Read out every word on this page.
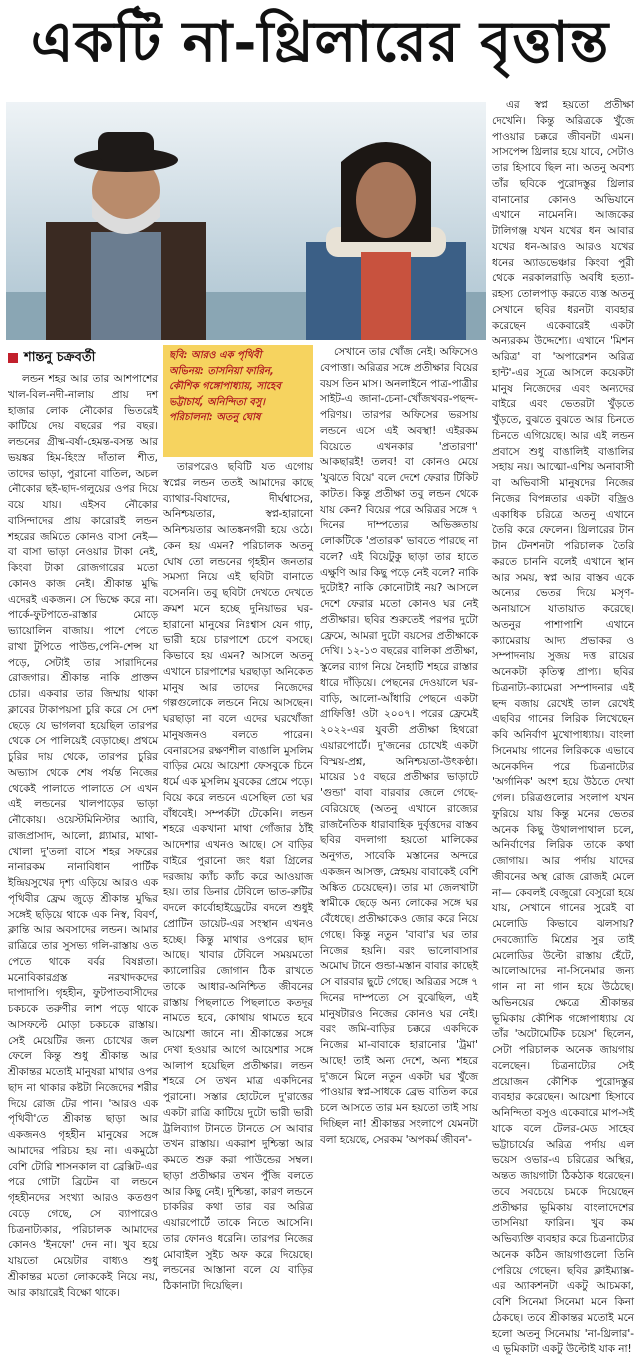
একটি না-থ্রিলারের বৃত্তান্ত
শান্তনু চক্রবর্তী	ছবি: আরও এক পৃথিবী
অভিনয়: তাসনিয়া ফারিন,
কৌশিক গঙ্গোপাধ্যায়, সাহেব
ভট্টাচার্য, অনিন্দিতা বসু।
পরিচালনা: অতনু ঘোষ

লন্ডন শহর আর তার আশপাশের খাল-বিল-নদী-নালায় প্রায় দশ হাজার লোক নৌকোর ভিতরেই কাটিয়ে দেয় বছরের পর বছর। লন্ডনের গ্রীষ্ম-বর্ষা-হেমন্ত-বসন্ত আর ভয়ঙ্কর হিম-হিংস্র দাঁতাল শীত, তাদের ভাড়া, পুরানো বাতিল, অচল নৌকোর ছই-ছাদ-গলুয়ের ওপর দিয়ে বয়ে যায়। এইসব নৌকোর বাসিন্দাদের প্রায় কারোরই লন্ডন শহরের জমিতে কোনও বাসা নেই— বা বাসা ভাড়া নেওয়ার টাকা নেই, কিংবা টাকা রোজগারের মতো কোনও কাজ নেই। শ্রীকান্ত মুদ্ধি এদেরই একজন। সে ভিক্ষে করে না। পার্কে-ফুটপাতে-রাস্তার মোড়ে ভ্যায়োলিন বাজায়। পাশে পেতে রাখা টুপিতে পাউন্ড,পেনি-শেন্স যা পড়ে, সেটাই তার সারাদিনের রোজগার। শ্রীকান্ত নাকি প্রাক্তন চোর। একবার তার জিম্মায় থাকা ক্লাবের টাকাপয়সা চুরি করে সে দেশ ছেড়ে যে ভাগলবা হয়েছিল তারপর থেকে সে পালিয়েই বেড়াচ্ছে। প্রথমে চুরির দায় থেকে, তারপর চুরির অভ্যাস থেকে শেষ পর্যন্ত নিজের থেকেই পালাতে পালাতে সে এখন এই লন্ডনের খালপাড়ের ভাড়া নৌকোয়। ওয়েস্টমিনিস্টার অ্যাবি, রাজপ্রাসাদ, আলো, গ্ল্যামার, মাথা-খোলা দু'তলা বাসে শহর সফরের নানারকম নানাবিধান পার্টিক ইন্দ্রিয়সুখের দৃশ্য এড়িয়ে আরও এক পৃথিবীর ফ্রেম জুড়ে শ্রীকান্ত মুদ্ধির সঙ্গেই ছড়িয়ে থাকে এক নিস্ব, বিবর্ণ, ক্লান্তি আর অবসাদের লন্ডন। আমার রাত্রিরে তার সুসভ্য গলি-রাস্তায় ওত পেতে থাকে বর্বর বিষণ্ণতা। মনোবিকারগ্রস্ত নরখাদকদের দাপাদাপি। গৃহহীন, ফুটপাতবাসীদের চকচকে তরুণীর লাশ পড়ে থাকে আসফল্টে মোড়া চকচকে রাস্তায়। সেই মেয়েটির জন্য চোখের জল ফেলে কিন্তু শুধু শ্রীকান্ত আর শ্রীকান্তর মতোই মানুষরা মাথার ওপর ছাদ না থাকার কষ্টটা নিজেদের শরীর দিয়ে রোজ টের পান। 'আরও এক পৃথিবী'তে শ্রীকান্ত ছাড়া আর একজনও গৃহহীন মানুষের সঙ্গে আমাদের পরিচয় হয় না। একমুঠো বেশি টোরি শাসনকাল বা ব্রেক্সিট-এর পরে গোটা ব্রিটেন বা লন্ডনে গৃহহীনদের সংখ্যা আরও কতগুণ বেড়ে গেছে, সে ব্যাপারেও চিত্রনাট্যকার, পরিচালক আমাদের কোনও 'ইনফো' দেন না। খুব হয়ে যায়তো মেয়েটার বাধ্যও শুধু শ্রীকান্তর মতো লোককেই নিয়ে নয়, আর কায়ারেই বিক্ষো থাকে।

তারপরেও ছবিটি যত এগোয় স্বপ্নের লন্ডন ততই আমাদের কাছে ব্যাথার-বিষাদের, দীর্ঘশ্বাসের, অনিশ্চয়তার, স্বপ্ন-হারানো অনিশ্চয়তার আতঙ্কনগরী হয়ে ওঠে। কেন হয় এমন? পরিচালক অতনু ঘোষ তো লন্ডনের গৃহহীন জনতার সমস্যা নিয়ে এই ছবিটা বানাতে বসেননি। তবু ছবিটা দেখতে দেখতে ক্রমশ মনে হচ্ছে দুনিয়াভর ঘর-হারানো মানুষের নিঃশ্বাস যেন গাঢ়, ভারী হয়ে চারপাশে চেপে বসছে। কিভাবে হয় এমন? আসলে অতনু এখানে চারপাশের ঘরছাড়া অনিকেত মানুষ আর তাদের নিজেদের গল্পগুলোকে লন্ডনে নিয়ে আসছেন। ঘরছাড়া না বলে এদের ঘরখোঁজা মানুষজনও বলতে পারেন। বেনারসের রক্ষণশীল বাঙালি মুসলিম বাড়ির মেয়ে আয়েশা ফেসবুকে চিনে ধর্মে এক মুসলিম যুবকের প্রেমে পড়ে। বিয়ে করে লন্ডনে এসেছিল তো ঘর বাঁধবেই। সম্পর্কটা টেকেনি। লন্ডন শহরে একখানা মাথা গোঁজার ঠাঁই আদেশার এখনও আছে। সে বাড়ির বাইরে পুরানো জং ধরা গ্রিলের দরজায় ক্যাঁচ ক্যাঁচ করে আওয়াজ হয়। তার ডিনার টেবিলে ভাত-রুটির বদলে কার্বোহাইড্রেটের বদলে শুধুই প্রোটিন ডায়েট-এর সংস্থান এখনও হচ্ছে। কিন্তু মাথার ওপরের ছাদ আছে। খাবার টেবিলে সময়মতো ক্যালোরির জোগান ঠিক রাখতে তাকে আধার-অনিশ্চিত জীবনের রাস্তায় পিছলাতে পিছলাতে কতদূর নামতে হবে, কোথায় থামতে হবে আয়েশা জানে না। শ্রীকান্তের সঙ্গে দেখা হওয়ার আগে আয়েশার সঙ্গে আলাপ হয়েছিল প্রতীক্ষার। লন্ডন শহরে সে তখন মাত্র একদিনের পুরানো। সস্তার হোটেলে দু'রাত্তের একটা রাত্রি কাটিয়ে দুটো ভারী ভারী ট্রলিব্যাগ টানতে টানতে সে আবার তখন রাস্তায়। একরাশ দুশ্চিন্তা আর কমতে শুরু করা পাউন্ডের সম্বল। ছাড়া প্রতীক্ষার তখন পুঁজি বলতে আর কিছু নেই। দুশ্চিন্তা, কারণ লন্ডনে চাকরির কথা তার বর অরিত্র এয়ারপোর্টে তাকে নিতে আসেনি। তার ফোনও ধরেনি। তারপর নিজের মোবাইল সুইচ অফ করে দিয়েছে। লন্ডনের আস্তানা বলে যে বাড়ির ঠিকানাটা দিয়েছিল।

সেখানে তার খোঁজ নেই। অফিসেও বেপাত্তা। অরিত্রর সঙ্গে প্রতীক্ষার বিয়ের বয়স তিন মাস। অনলাইনে পাত্র-পাত্রীর সাইট-এ জানা-চেনা-খোঁজখবর-পছন্দ-পরিণয়। তারপর অফিসের ভরসায় লন্ডনে এসে এই অবস্থা! এইরকম বিয়েতে এখনকার 'প্রতারণা' আকছারই! তলব! বা কোনও মেয়ে 'যুঝতে বিয়ে' বলে দেশে ফেরার টিকিট কাটত। কিন্তু প্রতীক্ষা তবু লন্ডন থেকে যায় কেন? বিয়ের পরে অরিত্রর সঙ্গে ৭ দিনের দাম্পত্যের অভিজ্ঞতায় লোকটিকে 'প্রতারক' ভাবতে পারছে না বলে? এই বিয়েটুকু ছাড়া তার হাতে এক্ষুণি আর কিছু পড়ে নেই বলে? নাকি দুটোই? নাকি কোনোটাই নয়? আসলে দেশে ফেরার মতো কোনও ঘর নেই প্রতীক্ষার। ছবির শুরুতেই পরপর দুটো ফ্রেমে, আমরা দুটো বয়সের প্রতীক্ষাকে দেখি। ১২-১৩ বছরের বালিকা প্রতীক্ষা, স্কুলের ব্যাগ নিয়ে নৈহাটি শহরে রাস্তার ধারে দাঁড়িয়ে। পেছনের দেওয়ালে ঘর-বাড়ি, আলো-আঁধারি পেছনে একটা গ্রাফিত্তি! ওটা ২০০৭। পরের ফ্রেমেই ২০২২-এর যুবতী প্রতীক্ষা হিথরো এয়ারপোর্টে। দু'জনের চোখেই একটা বিস্ময়-প্রশ্ন, অনিশ্চয়তা-উৎকণ্ঠা। মায়ের ১৫ বছরে প্রতীক্ষার ভাড়াটে 'গুন্ডা' বাবা বারবার জেলে গেছে-বেরিয়েছে (অতনু এখানে রাজ্যের রাজনৈতিক ধারাবাহিক দুর্বৃত্তদের বাস্তব ছবির বদলাগা হয়তো মালিকের অনুগত, সাবেকি মস্তানের অন্দরে একজন আসক্ত, স্নেহময় বাবাকেই বেশি অঙ্কিত চেয়েছেন)। তার মা জেলখাটা স্বামীকে ছেড়ে অন্য লোকের সঙ্গে ঘর বেঁধেছে। প্রতীক্ষাকেও জোর করে নিয়ে গেছে। কিন্তু নতুন 'বাবা'র ঘর তার নিজের হয়নি। বরং ভালোবাসার অমোঘ টানে গুন্ডা-মস্তান বাবার কাছেই সে বারবার ছুটে গেছে। অরিত্রর সঙ্গে ৭ দিনের দাম্পত্যে সে বুঝেছিল, এই মানুষটারও নিজের কোনও ঘর নেই। বরং জমি-বাড়ির চক্করে একদিকে নিজের মা-বাবাকে হারানোর 'ট্রমা' আছে! তাই অন্য দেশে, অন্য শহরে দু'জনে মিলে নতুন একটা ঘর খুঁজে পাওয়ার স্বপ্ন-সাধকে ব্রেভ বাতিল করে চলে আসতে তার মন হয়তো তাই সায় দিচ্ছিল না! শ্রীকান্তর সংলাপে যেমনটা বলা হয়েছে, সেরকম 'অপকর্ম জীবন'-

এর স্বপ্ন হয়তো প্রতীক্ষা দেখেনি। কিন্তু অরিত্রকে খুঁজে পাওয়ার চক্করে জীবনটা এমন। সাসপেন্স থ্রিলার হয়ে যাবে, সেটাও তার হিসাবে ছিল না। অতনু অবশ্য তাঁর ছবিকে পুরোদস্তুর থ্রিলার বানানোর কোনও অভিযানে এখানে নামেননি। আজকের টালিগঞ্জ যখন যখের ধন আবার যখের ধন-আরও আরও যখের ধনের অ্যাডভেঞ্চার কিংবা পুরী থেকে নরকালরাড়ি অবধি হত্যা-রহস্য তোলপাড় করতে ব্যস্ত অতনু সেখানে ছবির ধরনটা ব্যবহার করেছেন একেবারেই একটা অন্যরকম উদ্দেশ্যে। এখানে 'মিশন অরিত্র' বা 'অপারেশন অরিত্র হান্ট'-এর সূত্রে আসলে কয়েকটা মানুষ নিজেদের এবং অন্যদের বাইরে এবং ভেতরটা খুঁড়তে খুঁড়তে, বুঝতে বুঝতে আর চিনতে চিনতে এগিয়েছে। আর এই লন্ডন প্রবাসে শুধু বাঙালিই বাঙালির সহায় নয়। আত্মো-এশিয় অনাবাসী বা অভিবাসী মানুষদের নিজের নিজের বিপন্নতার একটা বজ্রিও একাধিক চরিত্রে অতনু এখানে তৈরি করে ফেলেন। থ্রিলারের টান টান টেনশনটা পরিচালক তৈরি করতে চাননি বলেই এখানে স্থান আর সময়, স্বপ্ন আর বাস্তব একে অন্যের ভেতর দিয়ে মসৃণ-অনায়াসে যাতায়াত করেছে। অতনুর পাশাপাশি এখানে ক্যামেরায় আদ্য প্রভাকর ও সম্পাদনায় সুজয় দত্ত রায়ের অনেকটা কৃতিত্ব প্রাপ্য। ছবির চিত্রনাট্য-ক্যামেরা সম্পাদনার এই ছন্দ বজায় রেখেই তাল রেখেই এছবির গানের লিরিক লিখেছেন কবি অনির্বাণ মুখোপাধ্যায়। বাংলা সিনেমায় গানের লিরিককে এভাবে অনেকদিন পরে চিত্রনাট্যের 'অর্গানিক' অংশ হয়ে উঠতে দেখা গেল। চরিত্রগুলোর সংলাপ যখন ফুরিয়ে যায় কিন্তু মনের ভেতর অনেক কিছু উথালপাথাল চলে, অনির্বাণের লিরিক তাকে কথা জোগায়। আর পর্দায় যাদের জীবনের অস্থ রোজ রোজই মেলে না— কেবলই বেজুরো বেসুরো হয়ে যায়, সেখানে গানের সুরেই বা মেলোডি কিভাবে ঝলসায়? দেবজ্যোতি মিশ্রের সুর তাই মেলোডির উল্টো রাস্তায় হেঁটে, আলোআদের না-সিনেমার জন্য গান না না গান হয়ে উঠেছে। অভিনয়ের ক্ষেত্রে শ্রীকান্তর ভূমিকায় কৌশিক গঙ্গোপাধ্যায় যে তাঁর 'অটোমেটিক চয়েস' ছিলেন, সেটা পরিচালক অনেক জায়গায় বলেছেন। চিত্রনাট্যের সেই প্রয়োজন কৌশিক পুরোদস্তুর ব্যবহার করেছেন। আয়েশা হিসাবে অনিন্দিতা বসুও একেবারে মাপ-সই যাকে বলে টেলর-মেড সাহেব ভট্টাচার্যের অরিত্র পর্দায় এল ভয়েস ওভার-এ চরিত্রের অস্থির, অন্তত জায়গাটা ঠিকঠাক ধরেছেন। তবে সবচেয়ে চমকে দিয়েছেন প্রতীক্ষার ভূমিকায় বাংলাদেশের তাসনিয়া ফারিন। খুব কম অভিব্যক্তি ব্যবহার করে চিত্রনাট্যের অনেক কঠিন জায়গাগুলো তিনি পেরিয়ে গেছেন। ছবির ক্লাইম্যাক্স-এর অ্যাকশনটা একটু আচমকা, বেশি সিনেমা সিনেমা মনে কিনা ঠেকছে। তবে শ্রীকান্তর মতোই মনে হলো অতনু সিনেমায় 'না-থ্রিলার'-এ ভূমিকাটা একটু উল্টোই যাক না!
